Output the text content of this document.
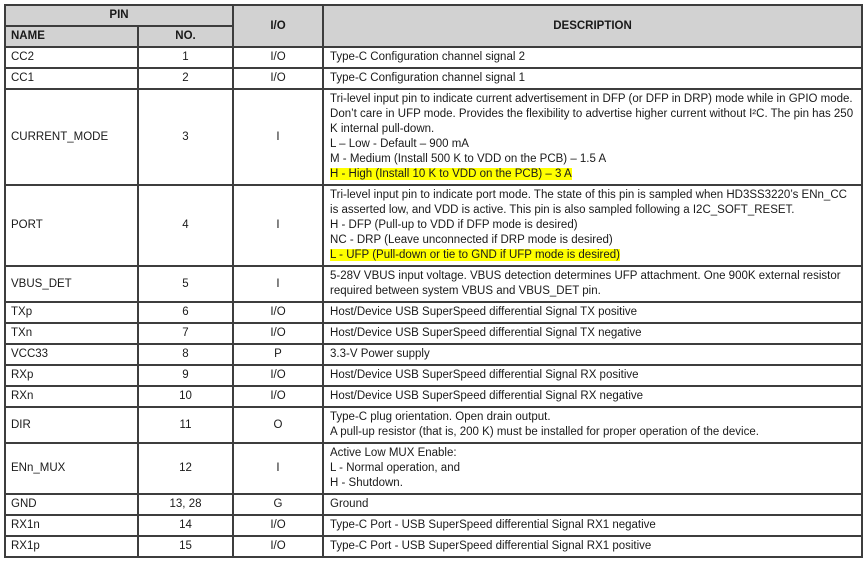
PIN		I/O	DESCRIPTION
NAME	NO.		
CC2	1	I/O	Type-C Configuration channel signal 2

CC1	2	I/O	Type-C Configuration channel signal 1

CURRENT_MODE	3	I	Tri-level input pin to indicate current advertisement in DFP (or DFP in DRP) mode while in GPIO mode. Don’t care in UFP mode. Provides the flexibility to advertise higher current without I²C. The pin has 250 K internal pull-down.
L – Low - Default – 900 mA
M - Medium (Install 500 K to VDD on the PCB) – 1.5 A
H - High (Install 10 K to VDD on the PCB) – 3 A

PORT	4	I	Tri-level input pin to indicate port mode. The state of this pin is sampled when HD3SS3220’s ENn_CC is asserted low, and VDD is active. This pin is also sampled following a I2C_SOFT_RESET.
H - DFP (Pull-up to VDD if DFP mode is desired)
NC - DRP (Leave unconnected if DRP mode is desired)
L - UFP (Pull-down or tie to GND if UFP mode is desired)

VBUS_DET	5	I	5-28V VBUS input voltage. VBUS detection determines UFP attachment. One 900K external resistor required between system VBUS and VBUS_DET pin.

TXp	6	I/O	Host/Device USB SuperSpeed differential Signal TX positive

TXn	7	I/O	Host/Device USB SuperSpeed differential Signal TX negative

VCC33	8	P	3.3-V Power supply

RXp	9	I/O	Host/Device USB SuperSpeed differential Signal RX positive

RXn	10	I/O	Host/Device USB SuperSpeed differential Signal RX negative

DIR	11	O	Type-C plug orientation. Open drain output.
A pull-up resistor (that is, 200 K) must be installed for proper operation of the device.

ENn_MUX	12	I	Active Low MUX Enable:
L - Normal operation, and
H - Shutdown.

GND	13, 28	G	Ground

RX1n	14	I/O	Type-C Port - USB SuperSpeed differential Signal RX1 negative

RX1p	15	I/O	Type-C Port - USB SuperSpeed differential Signal RX1 positive
